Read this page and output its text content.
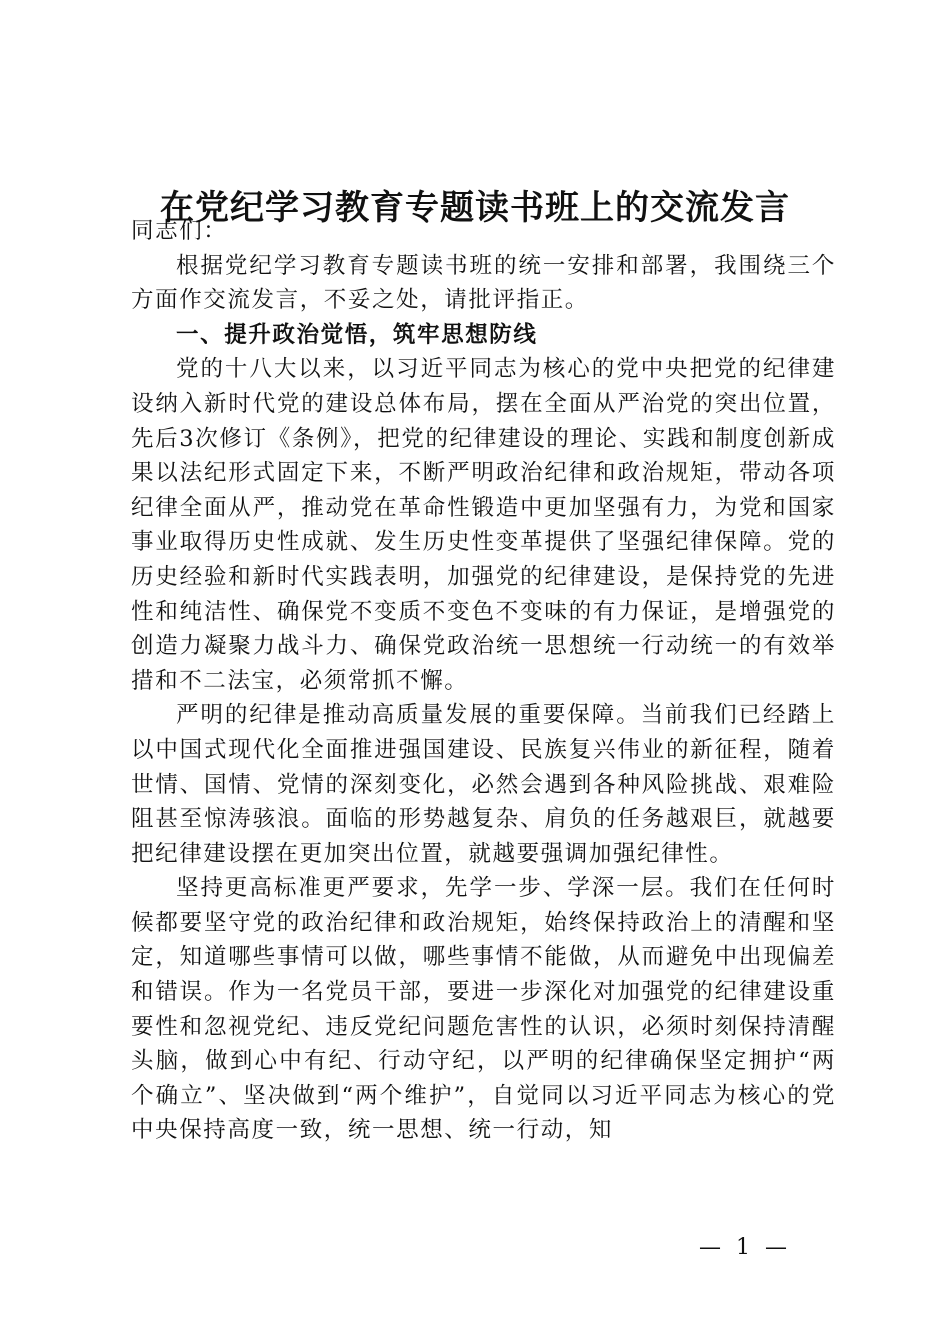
在党纪学习教育专题读书班上的交流发言

同志们：

根据党纪学习教育专题读书班的统一安排和部署，我围绕三个方面作交流发言，不妥之处，请批评指正。

一、提升政治觉悟，筑牢思想防线

党的十八大以来，以习近平同志为核心的党中央把党的纪律建设纳入新时代党的建设总体布局，摆在全面从严治党的突出位置，先后3次修订《条例》，把党的纪律建设的理论、实践和制度创新成果以法纪形式固定下来，不断严明政治纪律和政治规矩，带动各项纪律全面从严，推动党在革命性锻造中更加坚强有力，为党和国家事业取得历史性成就、发生历史性变革提供了坚强纪律保障。党的历史经验和新时代实践表明，加强党的纪律建设，是保持党的先进性和纯洁性、确保党不变质不变色不变味的有力保证，是增强党的创造力凝聚力战斗力、确保党政治统一思想统一行动统一的有效举措和不二法宝，必须常抓不懈。

严明的纪律是推动高质量发展的重要保障。当前我们已经踏上以中国式现代化全面推进强国建设、民族复兴伟业的新征程，随着世情、国情、党情的深刻变化，必然会遇到各种风险挑战、艰难险阻甚至惊涛骇浪。面临的形势越复杂、肩负的任务越艰巨，就越要把纪律建设摆在更加突出位置，就越要强调加强纪律性。

坚持更高标准更严要求，先学一步、学深一层。我们在任何时候都要坚守党的政治纪律和政治规矩，始终保持政治上的清醒和坚定，知道哪些事情可以做，哪些事情不能做，从而避免中出现偏差和错误。作为一名党员干部，要进一步深化对加强党的纪律建设重要性和忽视党纪、违反党纪问题危害性的认识，必须时刻保持清醒头脑，做到心中有纪、行动守纪，以严明的纪律确保坚定拥护“两个确立”、坚决做到“两个维护”，自觉同以习近平同志为核心的党中央保持高度一致，统一思想、统一行动，知

— 1 —
